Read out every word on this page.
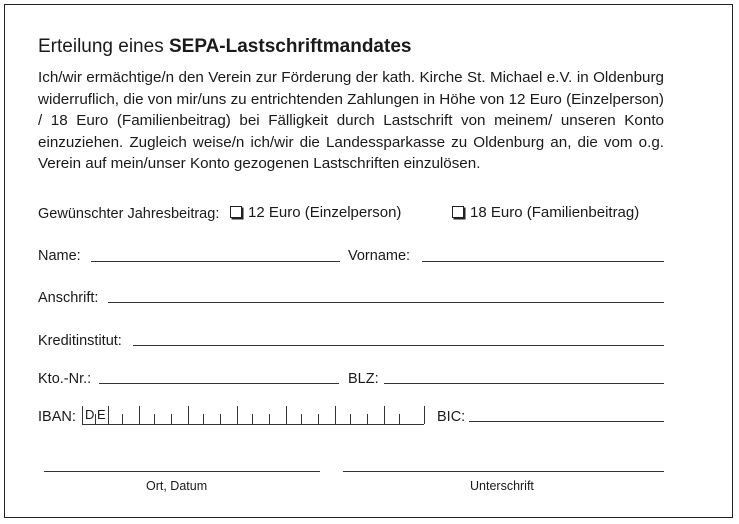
Erteilung eines SEPA-Lastschriftmandates
Ich/wir ermächtige/n den Verein zur Förderung der kath. Kirche St. Michael e.V. in Oldenburg widerruflich, die von mir/uns zu entrichtenden Zahlungen in Höhe von 12 Euro (Einzelperson) / 18 Euro (Familienbeitrag) bei Fälligkeit durch Lastschrift von meinem/ unseren Konto einzuziehen. Zugleich weise/n ich/wir die Landessparkasse zu Oldenburg an, die vom o.g. Verein auf mein/unser Konto gezogenen Lastschriften einzulösen.
Gewünschter Jahresbeitrag:	12 Euro (Einzelperson)	18 Euro (Familienbeitrag)
Name:	Vorname:
Anschrift:
Kreditinstitut:
Kto.-Nr.:	BLZ:
IBAN: D E	BIC:
Ort, Datum	Unterschrift
